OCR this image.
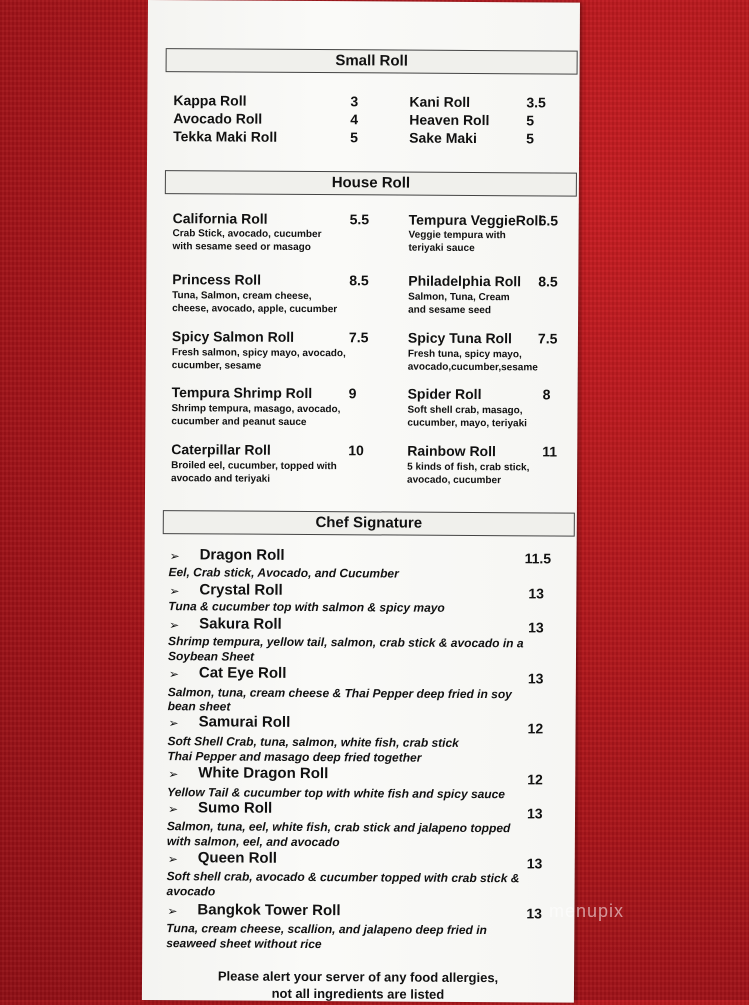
Small Roll
Kappa Roll	3
Avocado Roll	4
Tekka Maki Roll	5
Kani Roll	3.5
Heaven Roll	5
Sake Maki	5
House Roll
California Roll	5.5
Crab Stick, avocado, cucumber
with sesame seed or masago
Tempura VeggieRoll
6.5
Veggie tempura with
teriyaki sauce
Princess Roll	8.5
Tuna, Salmon, cream cheese,
cheese, avocado, apple, cucumber
Philadelphia Roll 8.5
Salmon, Tuna, Cream
and sesame seed
Spicy Salmon Roll	7.5
Fresh salmon, spicy mayo, avocado,
cucumber, sesame
Spicy Tuna Roll 7.5
Fresh tuna, spicy mayo,
avocado,cucumber,sesame
Tempura Shrimp Roll	9
Shrimp tempura, masago, avocado,
cucumber and peanut sauce
Spider Roll	8
Soft shell crab, masago,
cucumber, mayo, teriyaki
Caterpillar Roll	10
Broiled eel, cucumber, topped with
avocado and teriyaki
Rainbow Roll	11
5 kinds of fish, crab stick,
avocado, cucumber
Chef Signature
➢ Dragon Roll	11.5
Eel, Crab stick, Avocado, and Cucumber
➢ Crystal Roll	13
Tuna & cucumber top with salmon & spicy mayo
➢ Sakura Roll	13
Shrimp tempura, yellow tail, salmon, crab stick & avocado in a
Soybean Sheet
➢ Cat Eye Roll	13
Salmon, tuna, cream cheese & Thai Pepper deep fried in soy
bean sheet
➢ Samurai Roll	12
Soft Shell Crab, tuna, salmon, white fish, crab stick
Thai Pepper and masago deep fried together
➢ White Dragon Roll	12
Yellow Tail & cucumber top with white fish and spicy sauce
➢ Sumo Roll	13
Salmon, tuna, eel, white fish, crab stick and jalapeno topped
with salmon, eel, and avocado
➢ Queen Roll	13
Soft shell crab, avocado & cucumber topped with crab stick &
avocado
➢ Bangkok Tower Roll	13
Tuna, cream cheese, scallion, and jalapeno deep fried in
seaweed sheet without rice
Please alert your server of any food allergies,
not all ingredients are listed
menupix
